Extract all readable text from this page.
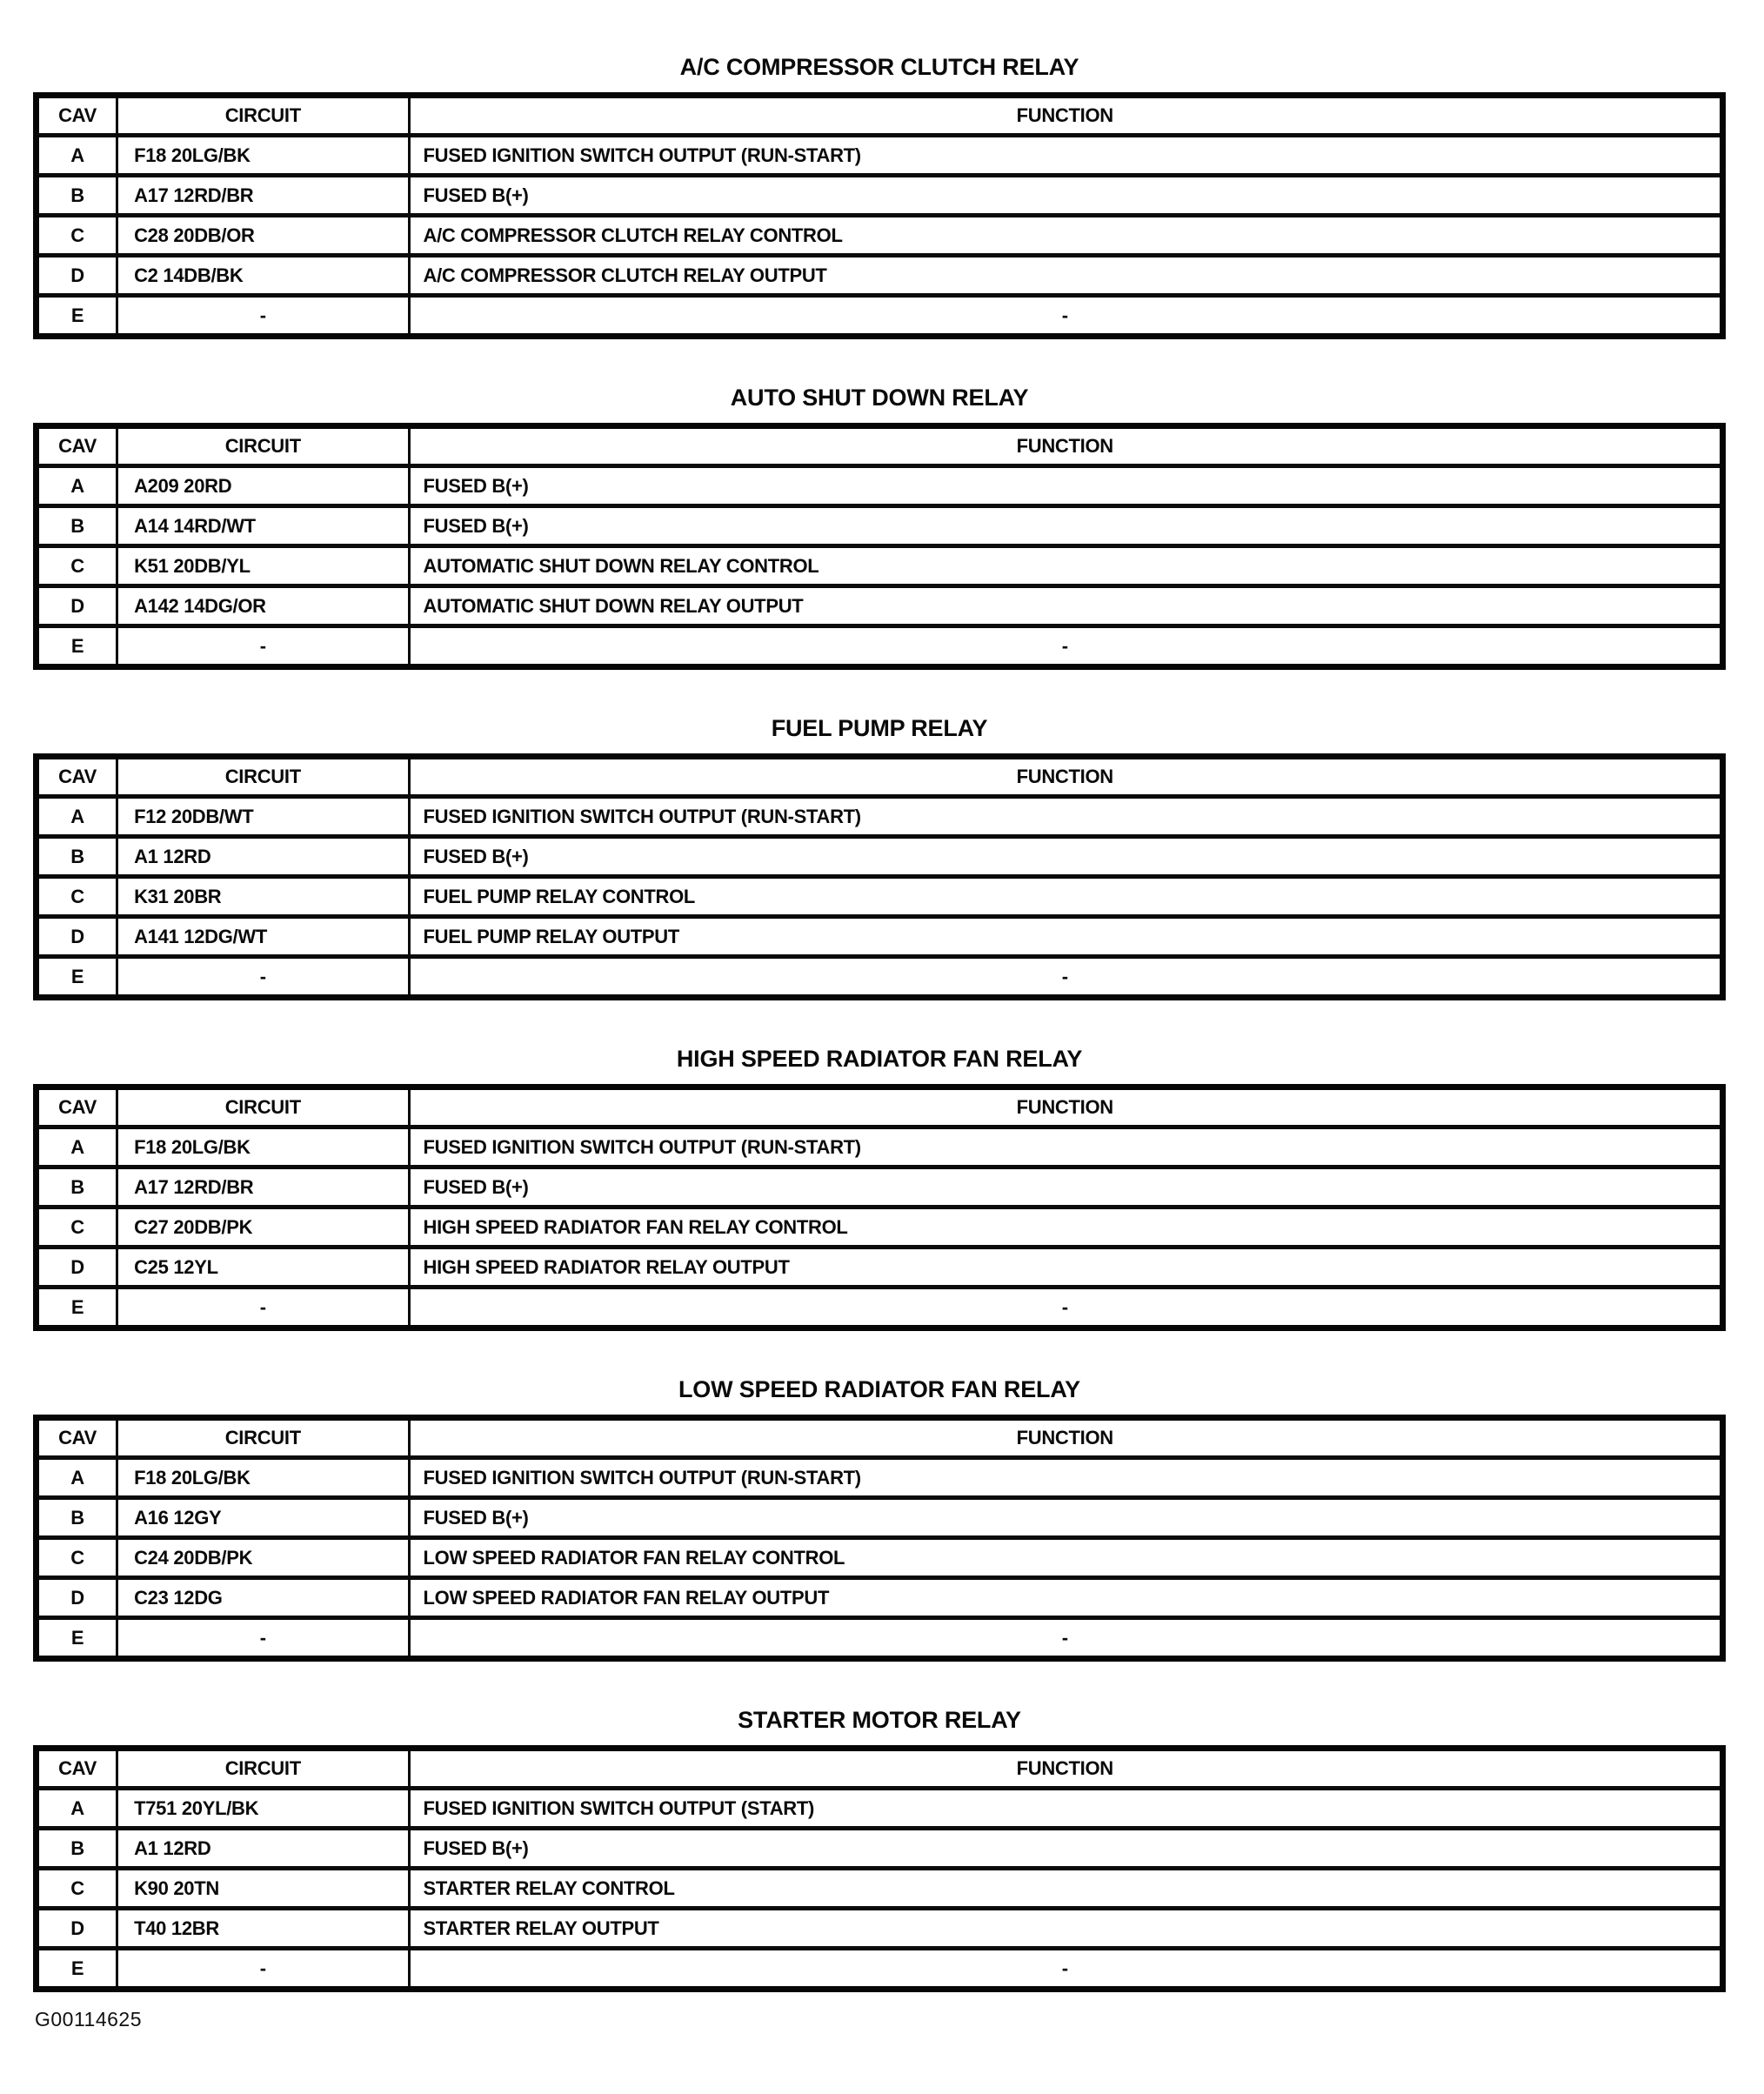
A/C COMPRESSOR CLUTCH RELAY
CAV	CIRCUIT	FUNCTION
A	F18 20LG/BK	FUSED IGNITION SWITCH OUTPUT (RUN-START)
B	A17 12RD/BR	FUSED B(+)
C	C28 20DB/OR	A/C COMPRESSOR CLUTCH RELAY CONTROL
D	C2 14DB/BK	A/C COMPRESSOR CLUTCH RELAY OUTPUT
E	-	-
AUTO SHUT DOWN RELAY
CAV	CIRCUIT	FUNCTION
A	A209 20RD	FUSED B(+)
B	A14 14RD/WT	FUSED B(+)
C	K51 20DB/YL	AUTOMATIC SHUT DOWN RELAY CONTROL
D	A142 14DG/OR	AUTOMATIC SHUT DOWN RELAY OUTPUT
E	-	-
FUEL PUMP RELAY
CAV	CIRCUIT	FUNCTION
A	F12 20DB/WT	FUSED IGNITION SWITCH OUTPUT (RUN-START)
B	A1 12RD	FUSED B(+)
C	K31 20BR	FUEL PUMP RELAY CONTROL
D	A141 12DG/WT	FUEL PUMP RELAY OUTPUT
E	-	-
HIGH SPEED RADIATOR FAN RELAY
CAV	CIRCUIT	FUNCTION
A	F18 20LG/BK	FUSED IGNITION SWITCH OUTPUT (RUN-START)
B	A17 12RD/BR	FUSED B(+)
C	C27 20DB/PK	HIGH SPEED RADIATOR FAN RELAY CONTROL
D	C25 12YL	HIGH SPEED RADIATOR RELAY OUTPUT
E	-	-
LOW SPEED RADIATOR FAN RELAY
CAV	CIRCUIT	FUNCTION
A	F18 20LG/BK	FUSED IGNITION SWITCH OUTPUT (RUN-START)
B	A16 12GY	FUSED B(+)
C	C24 20DB/PK	LOW SPEED RADIATOR FAN RELAY CONTROL
D	C23 12DG	LOW SPEED RADIATOR FAN RELAY OUTPUT
E	-	-
STARTER MOTOR RELAY
CAV	CIRCUIT	FUNCTION
A	T751 20YL/BK	FUSED IGNITION SWITCH OUTPUT (START)
B	A1 12RD	FUSED B(+)
C	K90 20TN	STARTER RELAY CONTROL
D	T40 12BR	STARTER RELAY OUTPUT
E	-	-
G00114625
